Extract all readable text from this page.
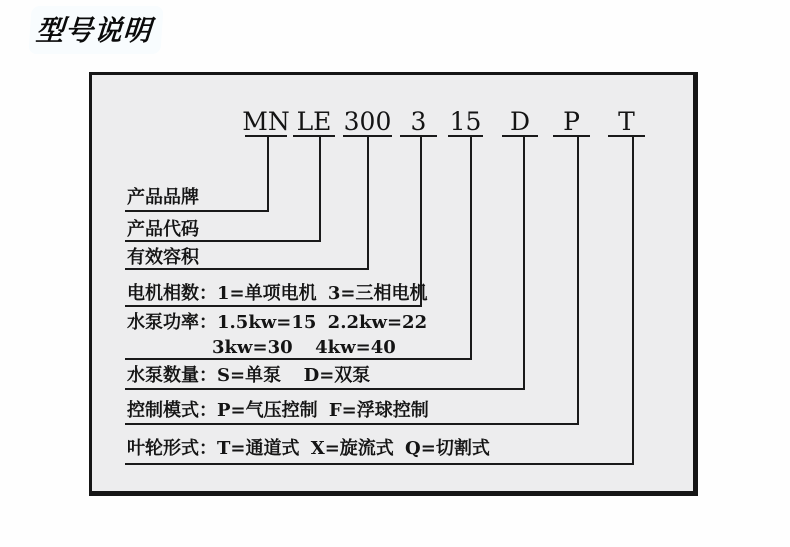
型号说明
MN LE 300 3 15	D	P	T
产品品牌
产品代码
有效容积
电机相数：1=单项电机 3=三相电机
水泵功率：1.5kw=15 2.2kw=22
3kw=30  4kw=40
水泵数量：S=单泵  D=双泵
控制模式：P=气压控制 F=浮球控制
叶轮形式：T=通道式 X=旋流式 Q=切割式
